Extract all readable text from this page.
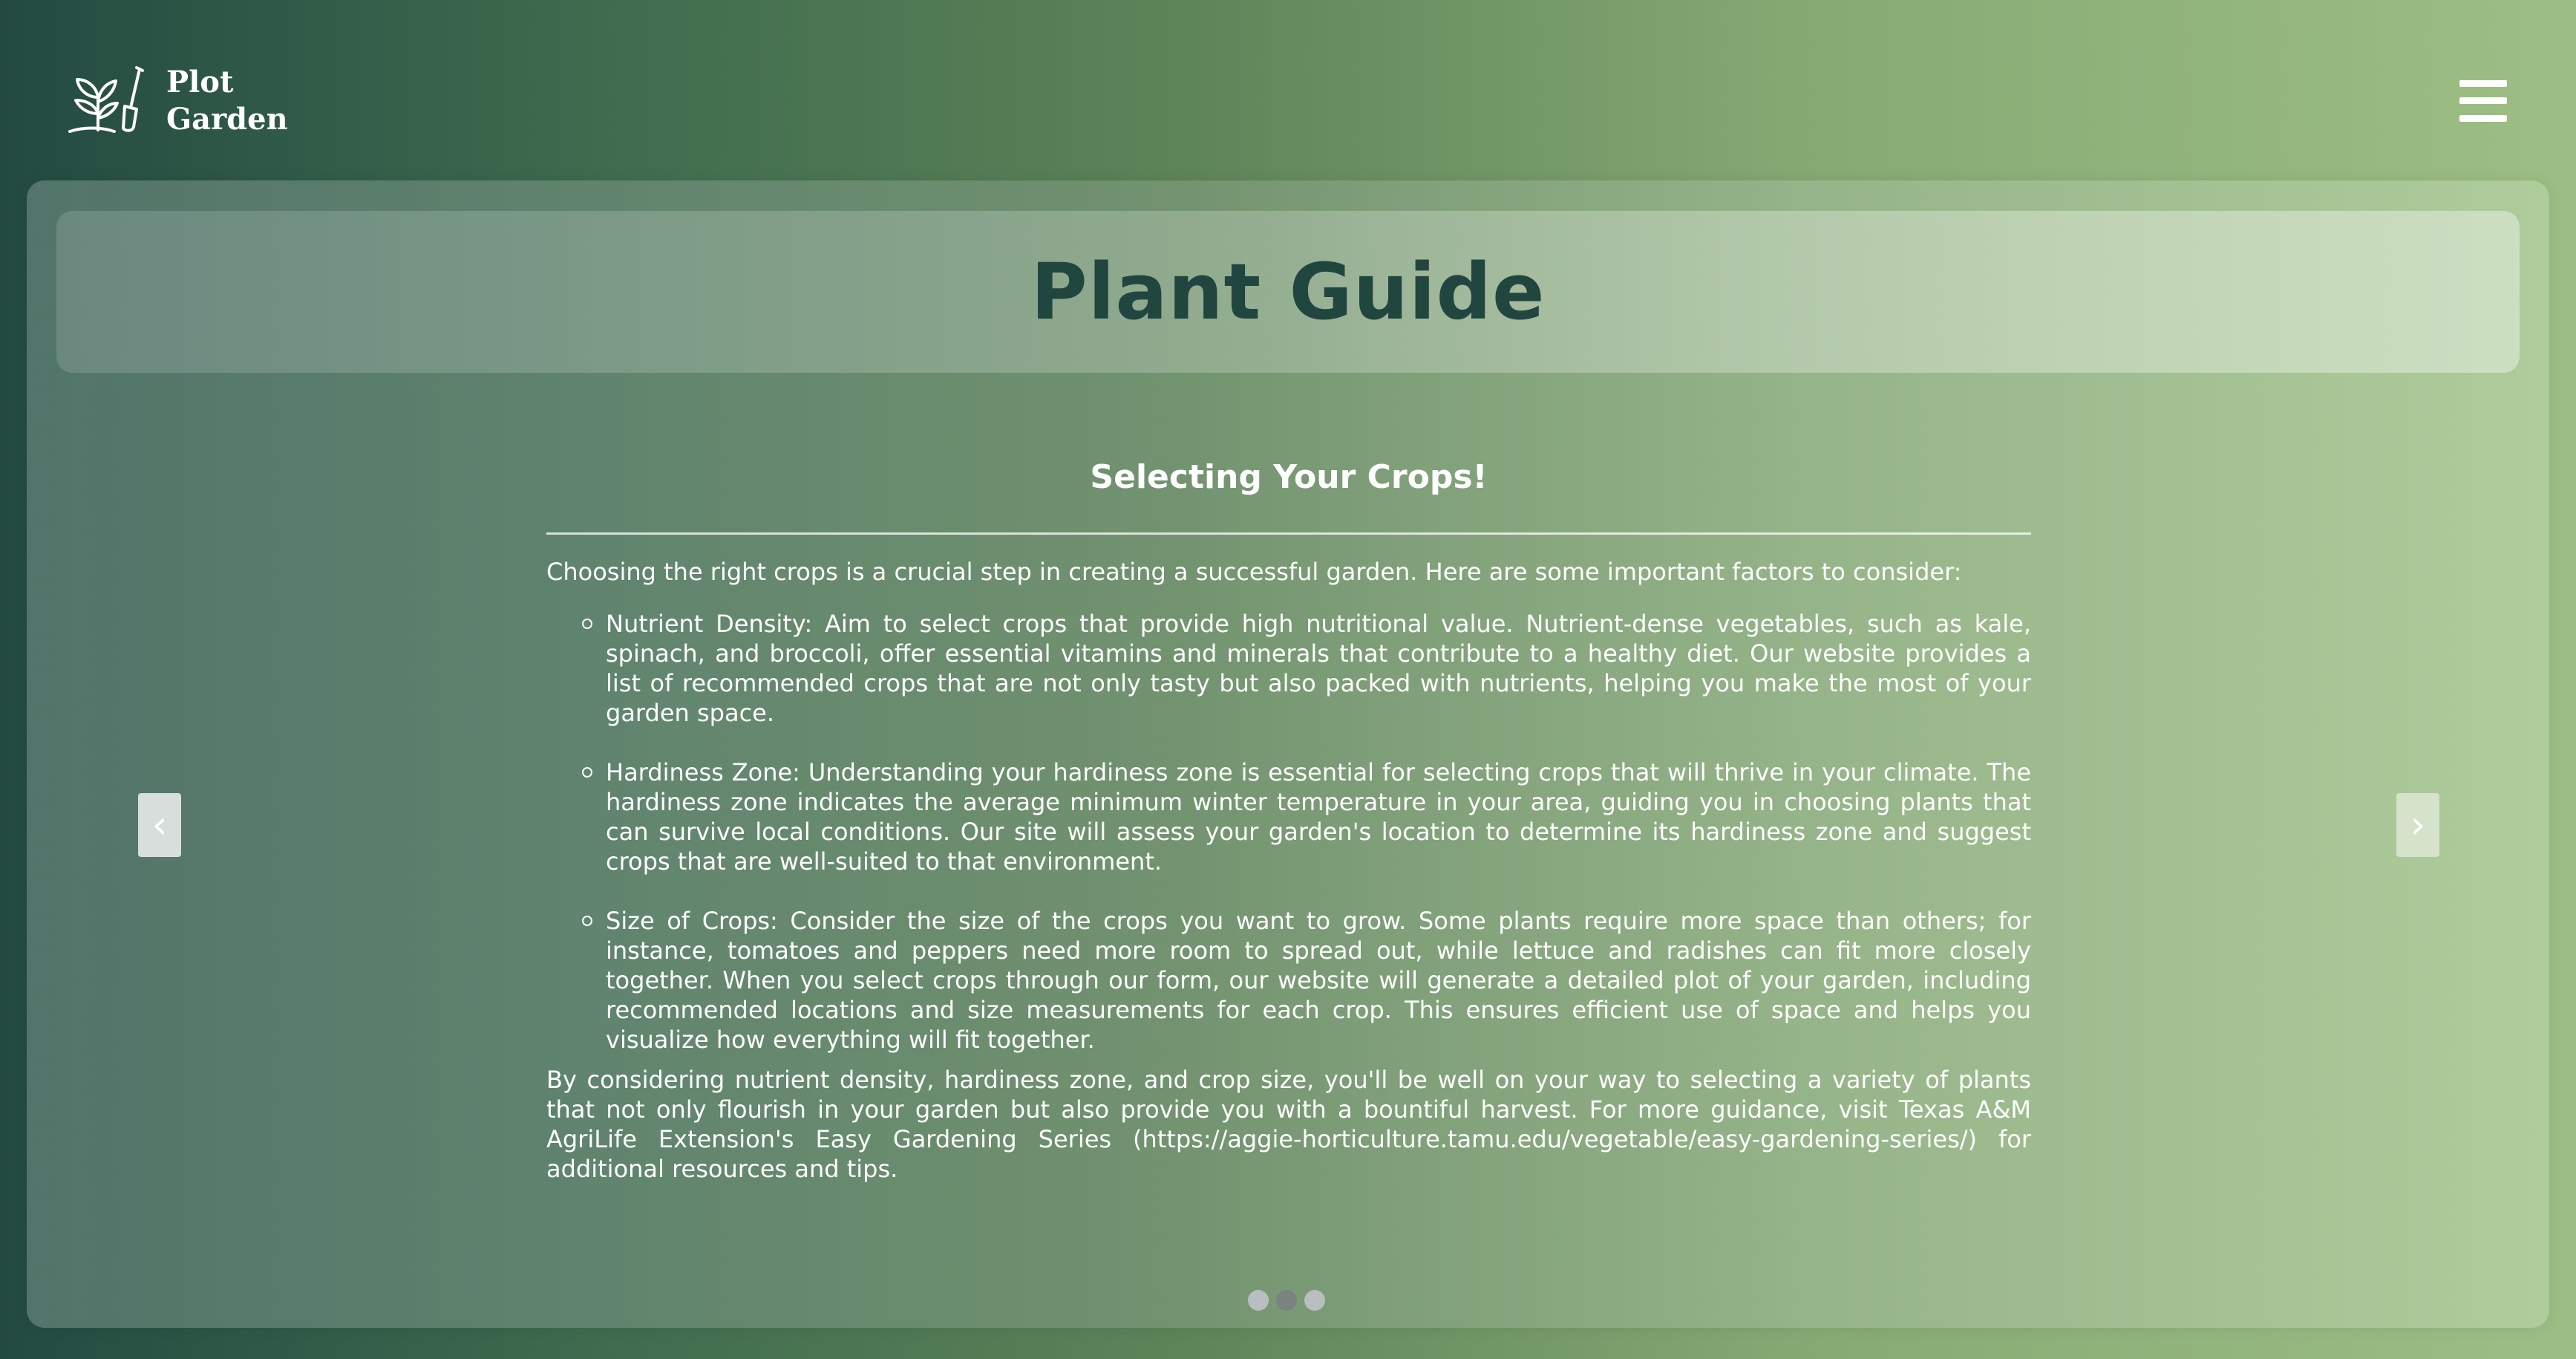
Plot
Garden
Plant Guide
‹	›
Selecting Your Crops!

Choosing the right crops is a crucial step in creating a successful garden. Here are some important factors to consider:

Nutrient Density: Aim to select crops that provide high nutritional value. Nutrient-dense vegetables, such as kale, spinach, and broccoli, offer essential vitamins and minerals that contribute to a healthy diet. Our website provides a list of recommended crops that are not only tasty but also packed with nutrients, helping you make the most of your garden space.
Hardiness Zone: Understanding your hardiness zone is essential for selecting crops that will thrive in your climate. The hardiness zone indicates the average minimum winter temperature in your area, guiding you in choosing plants that can survive local conditions. Our site will assess your garden's location to determine its hardiness zone and suggest crops that are well-suited to that environment.
Size of Crops: Consider the size of the crops you want to grow. Some plants require more space than others; for instance, tomatoes and peppers need more room to spread out, while lettuce and radishes can fit more closely together. When you select crops through our form, our website will generate a detailed plot of your garden, including recommended locations and size measurements for each crop. This ensures efficient use of space and helps you visualize how everything will fit together.

By considering nutrient density, hardiness zone, and crop size, you'll be well on your way to selecting a variety of plants that not only flourish in your garden but also provide you with a bountiful harvest. For more guidance, visit Texas A&M AgriLife Extension's Easy Gardening Series (https://aggie-horticulture.tamu.edu/vegetable/easy-gardening-series/) for additional resources and tips.
